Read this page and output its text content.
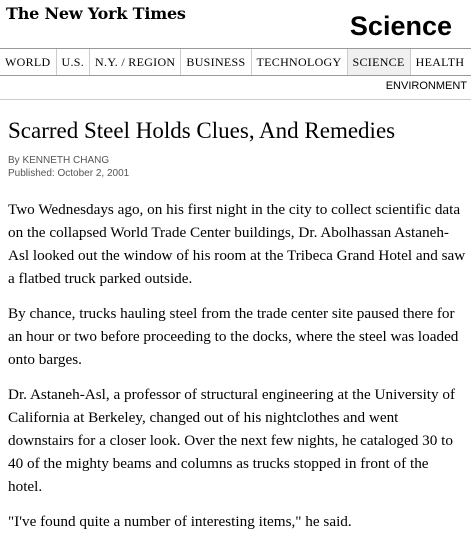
The New York Times	Science
WORLD U.S. N.Y. / REGION BUSINESS TECHNOLOGY SCIENCE HEALTH
ENVIRONMENT
Scarred Steel Holds Clues, And Remedies
By KENNETH CHANG
Published: October 2, 2001

Two Wednesdays ago, on his first night in the city to collect scientific data on the collapsed World Trade Center buildings, Dr. Abolhassan Astaneh-Asl looked out the window of his room at the Tribeca Grand Hotel and saw a flatbed truck parked outside.

By chance, trucks hauling steel from the trade center site paused there for an hour or two before proceeding to the docks, where the steel was loaded onto barges.

Dr. Astaneh-Asl, a professor of structural engineering at the University of California at Berkeley, changed out of his nightclothes and went downstairs for a closer look. Over the next few nights, he cataloged 30 to 40 of the mighty beams and columns as trucks stopped in front of the hotel.

"I've found quite a number of interesting items," he said.
